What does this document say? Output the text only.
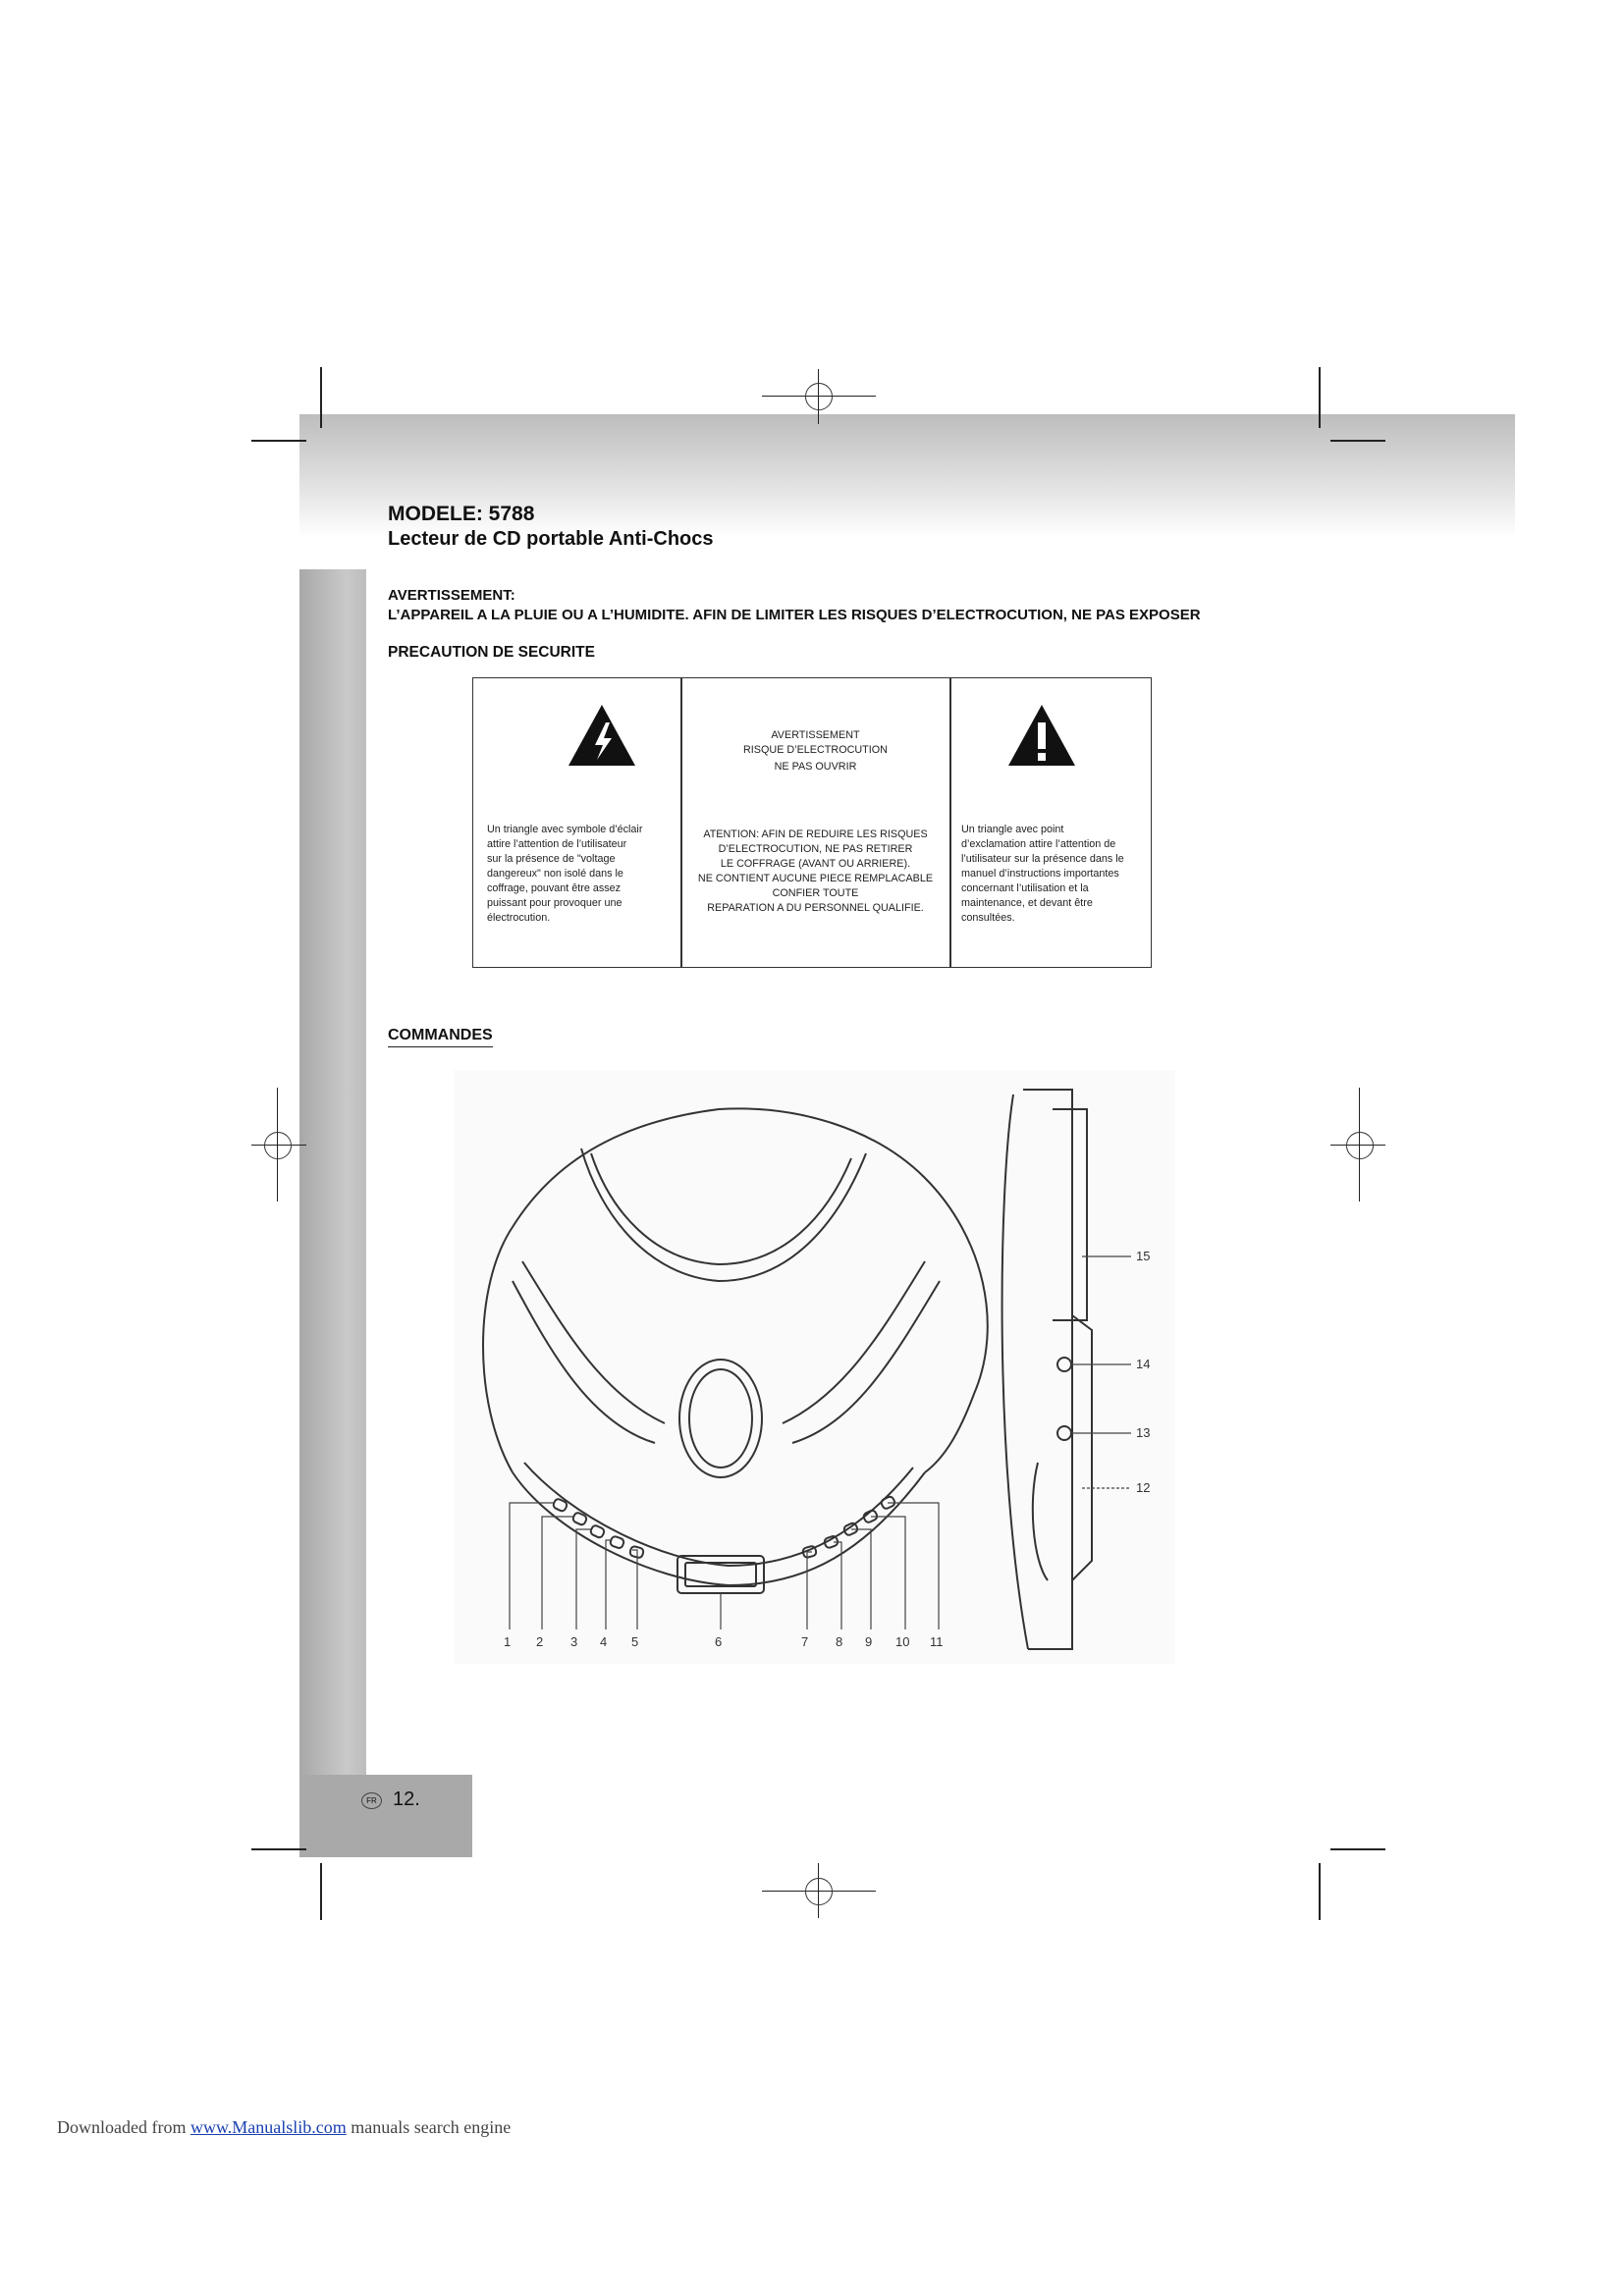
MODELE: 5788
Lecteur de CD portable Anti-Chocs
AVERTISSEMENT:
L’APPAREIL A LA PLUIE OU A L’HUMIDITE. AFIN DE LIMITER LES RISQUES D’ELECTROCUTION, NE PAS EXPOSER
PRECAUTION DE SECURITE
Un triangle avec symbole d’éclair
attire l’attention de l’utilisateur
sur la présence de "voltage
dangereux" non isolé dans le
coffrage, pouvant être assez
puissant pour provoquer une
électrocution.
AVERTISSEMENT
RISQUE D’ELECTROCUTION
NE PAS OUVRIR
ATENTION: AFIN DE REDUIRE LES RISQUES
D’ELECTROCUTION, NE PAS RETIRER
LE COFFRAGE (AVANT OU ARRIERE).
NE CONTIENT AUCUNE PIECE REMPLACABLE
CONFIER TOUTE
REPARATION A DU PERSONNEL QUALIFIE.
Un triangle avec point
d’exclamation attire l’attention de
l’utilisateur sur la présence dans le
manuel d’instructions importantes
concernant l’utilisation et la
maintenance, et devant être
consultées.
COMMANDES
1 2 3 4 5	6	7 8 9 10 11
15
14
13
12
FR 12.
Downloaded from www.Manualslib.com manuals search engine
